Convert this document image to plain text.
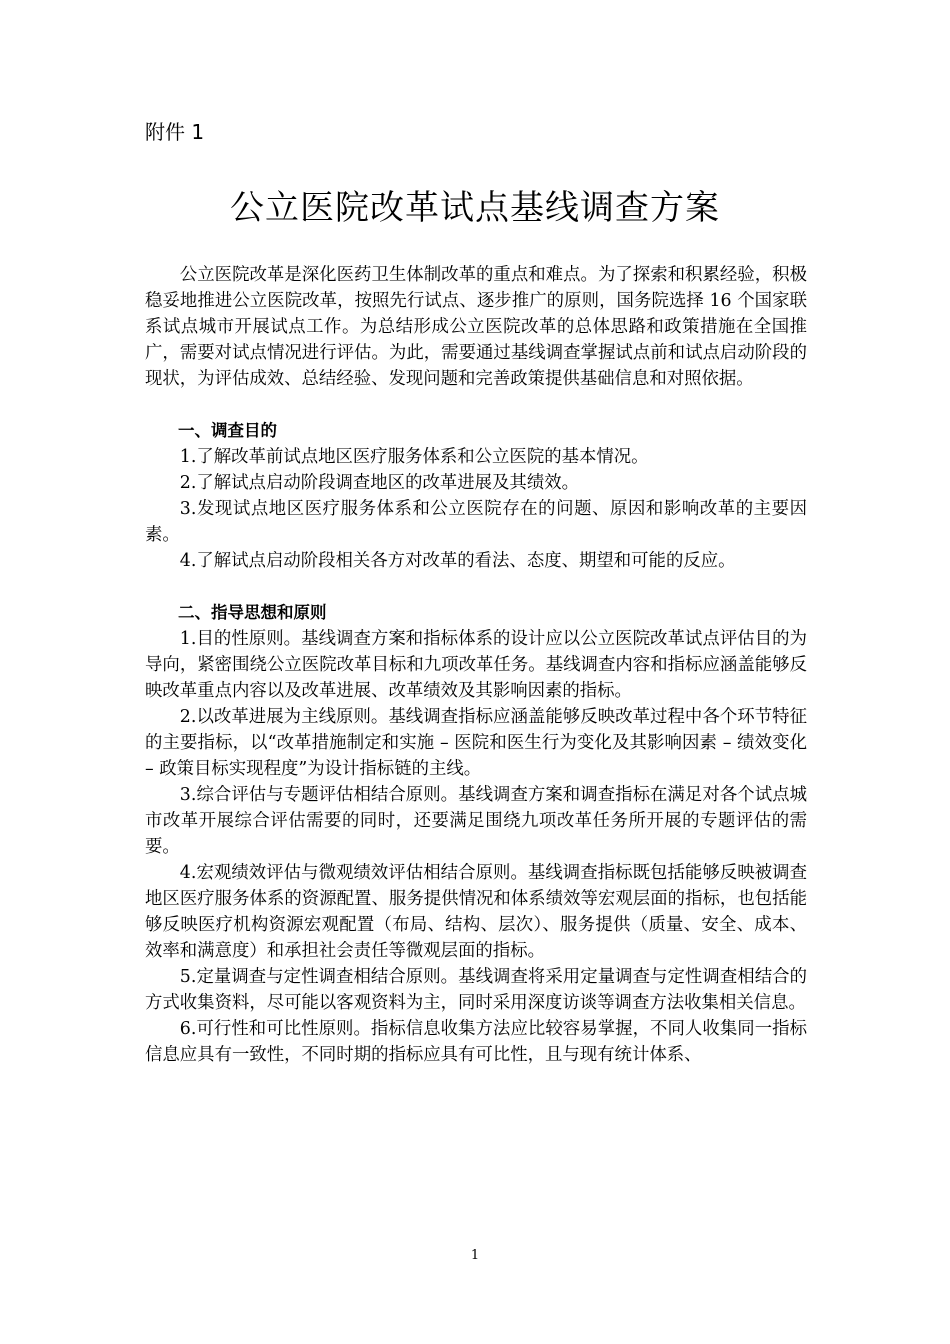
附件 1
公立医院改革试点基线调查方案

公立医院改革是深化医药卫生体制改革的重点和难点。为了探索和积累经验，积极稳妥地推进公立医院改革，按照先行试点、逐步推广的原则，国务院选择 16 个国家联系试点城市开展试点工作。为总结形成公立医院改革的总体思路和政策措施在全国推广，需要对试点情况进行评估。为此，需要通过基线调查掌握试点前和试点启动阶段的现状，为评估成效、总结经验、发现问题和完善政策提供基础信息和对照依据。

一、调查目的

1.了解改革前试点地区医疗服务体系和公立医院的基本情况。

2.了解试点启动阶段调查地区的改革进展及其绩效。

3.发现试点地区医疗服务体系和公立医院存在的问题、原因和影响改革的主要因素。

4.了解试点启动阶段相关各方对改革的看法、态度、期望和可能的反应。

二、指导思想和原则

1.目的性原则。基线调查方案和指标体系的设计应以公立医院改革试点评估目的为导向，紧密围绕公立医院改革目标和九项改革任务。基线调查内容和指标应涵盖能够反映改革重点内容以及改革进展、改革绩效及其影响因素的指标。

2.以改革进展为主线原则。基线调查指标应涵盖能够反映改革过程中各个环节特征的主要指标，以“改革措施制定和实施 – 医院和医生行为变化及其影响因素 – 绩效变化 – 政策目标实现程度”为设计指标链的主线。

3.综合评估与专题评估相结合原则。基线调查方案和调查指标在满足对各个试点城市改革开展综合评估需要的同时，还要满足围绕九项改革任务所开展的专题评估的需要。

4.宏观绩效评估与微观绩效评估相结合原则。基线调查指标既包括能够反映被调查地区医疗服务体系的资源配置、服务提供情况和体系绩效等宏观层面的指标，也包括能够反映医疗机构资源宏观配置（布局、结构、层次）、服务提供（质量、安全、成本、效率和满意度）和承担社会责任等微观层面的指标。

5.定量调查与定性调查相结合原则。基线调查将采用定量调查与定性调查相结合的方式收集资料，尽可能以客观资料为主，同时采用深度访谈等调查方法收集相关信息。

6.可行性和可比性原则。指标信息收集方法应比较容易掌握，不同人收集同一指标信息应具有一致性，不同时期的指标应具有可比性，且与现有统计体系、

1
